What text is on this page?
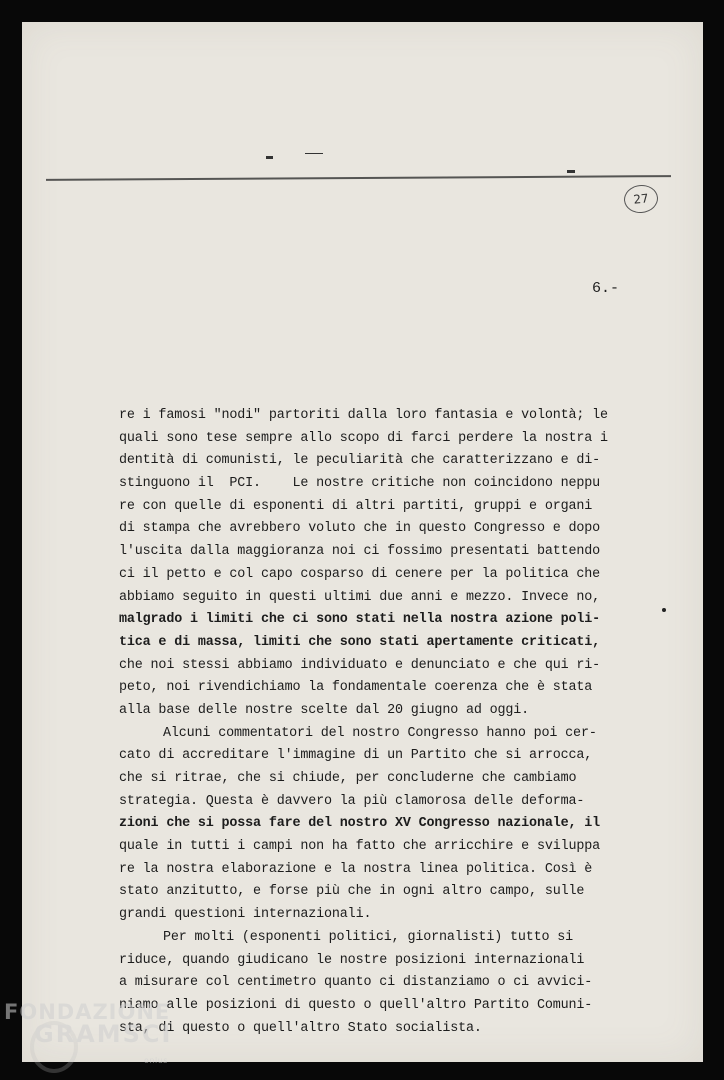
27
6.-
re i famosi "nodi" partoriti dalla loro fantasia e volontà; le
quali sono tese sempre allo scopo di farci perdere la nostra i
dentità di comunisti, le peculiarità che caratterizzano e di-
stinguono il  PCI.    Le nostre critiche non coincidono neppu
re con quelle di esponenti di altri partiti, gruppi e organi
di stampa che avrebbero voluto che in questo Congresso e dopo
l'uscita dalla maggioranza noi ci fossimo presentati battendo
ci il petto e col capo cosparso di cenere per la politica che
abbiamo seguito in questi ultimi due anni e mezzo. Invece no,
malgrado i limiti che ci sono stati nella nostra azione poli-
tica e di massa, limiti che sono stati apertamente criticati,
che noi stessi abbiamo individuato e denunciato e che qui ri-
peto, noi rivendichiamo la fondamentale coerenza che è stata
alla base delle nostre scelte dal 20 giugno ad oggi.
Alcuni commentatori del nostro Congresso hanno poi cer-
cato di accreditare l'immagine di un Partito che si arrocca,
che si ritrae, che si chiude, per concluderne che cambiamo
strategia. Questa è davvero la più clamorosa delle deforma-
zioni che si possa fare del nostro XV Congresso nazionale, il
quale in tutti i campi non ha fatto che arricchire e sviluppa
re la nostra elaborazione e la nostra linea politica. Così è
stato anzitutto, e forse più che in ogni altro campo, sulle
grandi questioni internazionali.
Per molti (esponenti politici, giornalisti) tutto si
riduce, quando giudicano le nostre posizioni internazionali
a misurare col centimetro quanto ci distanziamo o ci avvici-
niamo alle posizioni di questo o quell'altro Partito Comuni-
sta, di questo o quell'altro Stato socialista.
FONDAZIONE
GRAMSCI
onlus
